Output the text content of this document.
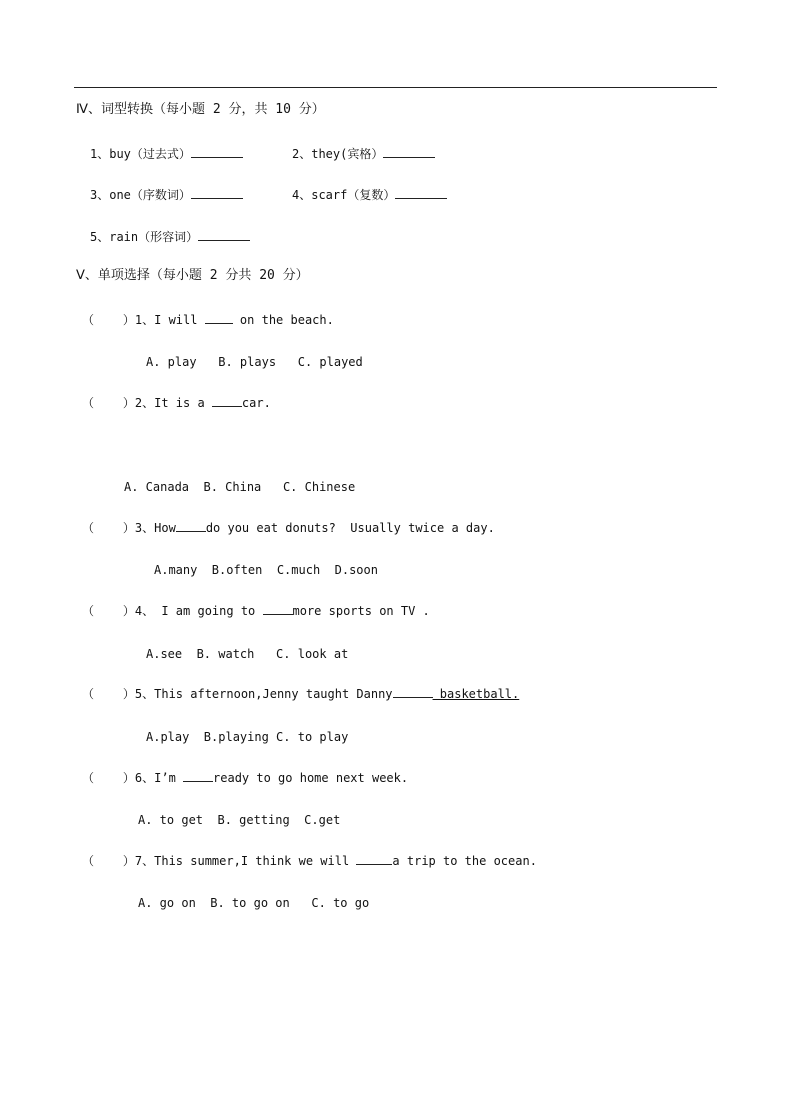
Ⅳ、词型转换（每小题 2 分，共 10 分）
1、buy（过去式）	2、they(宾格）
3、one（序数词）	4、scarf（复数）
5、rain（形容词）
Ⅴ、单项选择（每小题 2 分共 20 分）
（    ）1、I will  on the beach.
A. play   B. plays   C. played
（    ）2、It is a	car.
A. Canada  B. China   C. Chinese
（    ）3、How	do you eat donuts?  Usually twice a day.
A.many  B.often  C.much  D.soon
（    ）4、 I am going to	more sports on TV .
A.see  B. watch   C. look at
（    ）5、This afternoon,Jenny taught Danny	basketball.
A.play  B.playing C. to play
（    ）6、I’m	ready to go home next week.
A. to get  B. getting  C.get
（    ）7、This summer,I think we will	a trip to the ocean.
A. go on  B. to go on   C. to go
